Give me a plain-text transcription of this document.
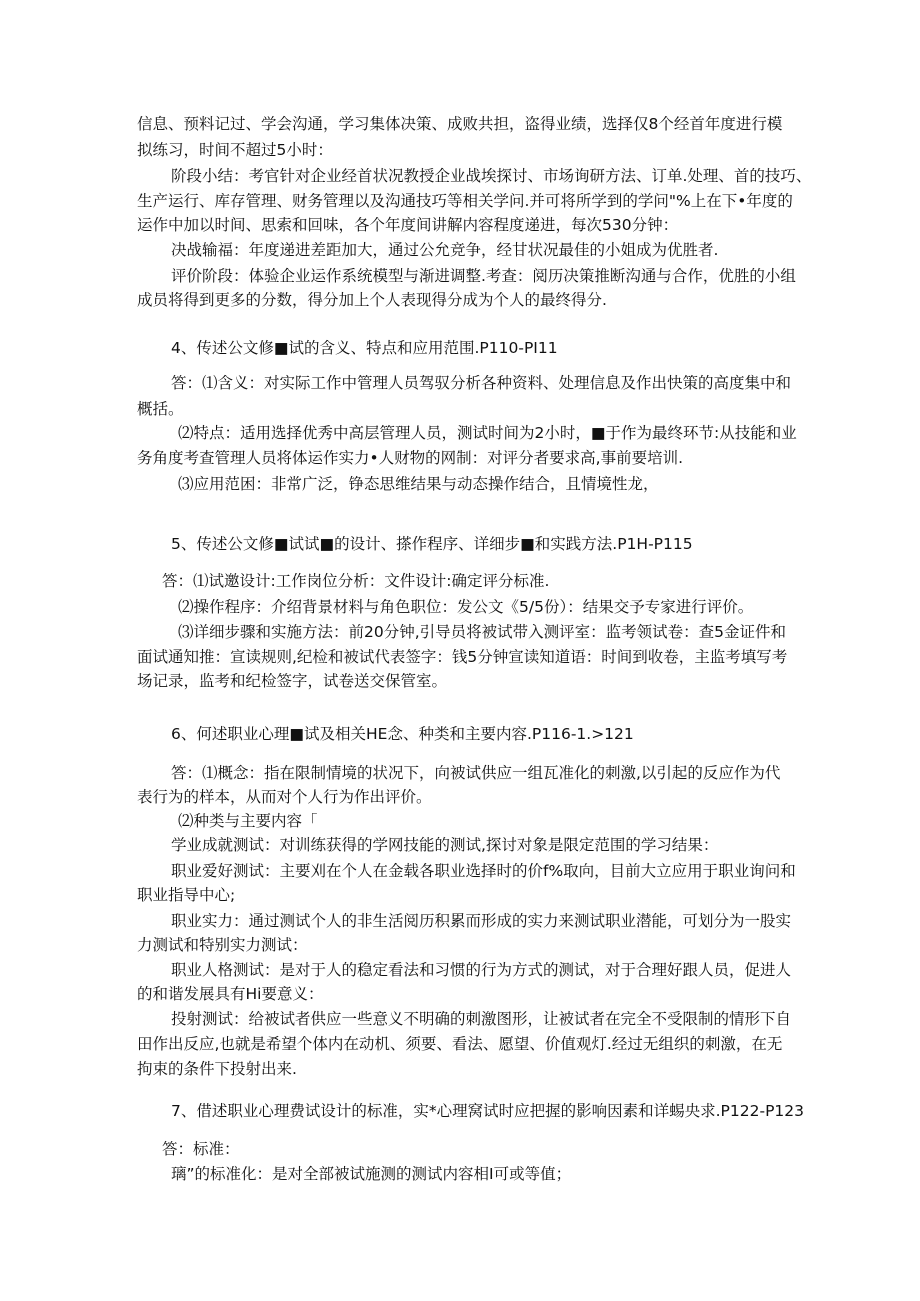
信息、预料记过、学会沟通，学习集体决策、成败共担，盗得业绩，选择仅8个经首年度进行模

拟练习，时间不超过5小时：

阶段小结：考官针对企业经首状况教授企业战埃探讨、市场询研方法、订单.处理、首的技巧、

生产运行、库存管理、财务管理以及沟通技巧等相关学问.并可将所学到的学问"%上在下•年度的

运作中加以时间、思索和回味，各个年度间讲解内容程度递进，每次530分钟：

决战输福：年度递进差距加大，通过公允竞争，经甘状况最佳的小姐成为优胜者.

评价阶段：体验企业运作系统模型与渐进调整.考查：阅历决策推断沟通与合作，优胜的小组

成员将得到更多的分数，得分加上个人表现得分成为个人的最终得分.

4、传述公文修■试的含义、特点和应用范围.P110-PI11

答：⑴含义：对实际工作中管理人员驾驭分析各种资料、处理信息及作出快策的高度集中和

概括。

⑵特点：适用选择优秀中高层管理人员，测试时间为2小时，■于作为最终环节:从技能和业

务角度考查管理人员将体运作实力•人财物的网制：对评分者要求高,事前要培训.

⑶应用范困：非常广泛，铮态思维结果与动态操作结合，且情境性龙，

5、传述公文修■试试■的设计、搽作程序、详细步■和实践方法.P1H-P115

答：⑴试邀设计:工作岗位分析：文件设计:确定评分标准.

⑵操作程序：介绍背景材料与角色职位：发公文《5/5份）：结果交予专家进行评价。

⑶详细步骤和实施方法：前20分钟,引导员将被试带入测评室：监考领试卷：查5金证件和

面试通知推：宣读规则,纪检和被试代表签字：钱5分钟宣读知道语：时间到收卷，主监考填写考

场记录，监考和纪检签字，试卷送交保管室。

6、何述职业心理■试及相关HE念、种类和主要内容.P116-1.>121

答：⑴概念：指在限制情境的状况下，向被试供应一组瓦准化的刺激,以引起的反应作为代

表行为的样本，从而对个人行为作出评价。

⑵种类与主要内容「

学业成就测试：对训练获得的学网技能的测试,探讨对象是限定范围的学习结果：

职业爱好测试：主要刈在个人在金载各职业选择时的价f%取向，目前大立应用于职业询问和

职业指导中心;

职业实力：通过测试个人的非生活阅历积累而形成的实力来测试职业潜能，可划分为一股实

力测试和特别实力测试：

职业人格测试：是对于人的稳定看法和习惯的行为方式的测试，对于合理好跟人员，促进人

的和谐发展具有Hi要意义：

投射测试：给被试者供应一些意义不明确的刺激图形，让被试者在完全不受限制的情形下自

田作出反应,也就是希望个体内在动机、须要、看法、愿望、价值观灯.经过无组织的刺激，在无

拘束的条件下投射出来.

7、借述职业心理费试设计的标准，实*心理窝试时应把握的影响因素和详蜴央求.P122-P123

答：标准：

璃”的标准化：是对全部被试施测的测试内容相I可或等值；
